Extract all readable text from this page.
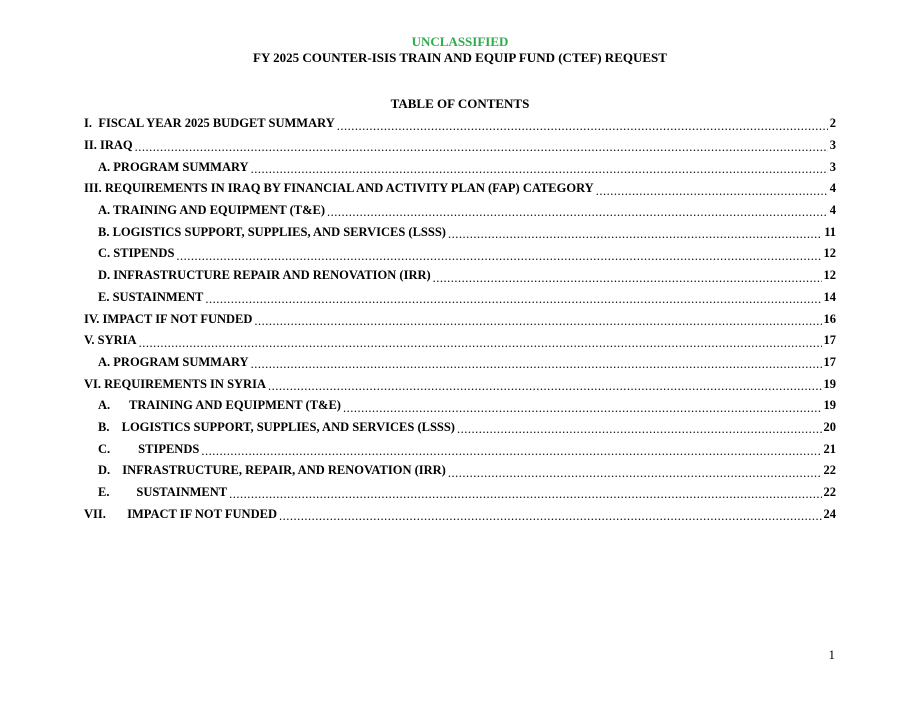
UNCLASSIFIED
FY 2025 COUNTER-ISIS TRAIN AND EQUIP FUND (CTEF) REQUEST
TABLE OF CONTENTS
I. FISCAL YEAR 2025 BUDGET SUMMARY .....	2
II. IRAQ .....	3
A. PROGRAM SUMMARY .....	3
III. REQUIREMENTS IN IRAQ BY FINANCIAL AND ACTIVITY PLAN (FAP) CATEGORY .....	4
A. TRAINING AND EQUIPMENT (T&E) .....	4
B. LOGISTICS SUPPORT, SUPPLIES, AND SERVICES (LSSS) .....	11
C. STIPENDS .....	12
D. INFRASTRUCTURE REPAIR AND RENOVATION (IRR) .....	12
E. SUSTAINMENT .....	14
IV. IMPACT IF NOT FUNDED .....	16
V. SYRIA .....	17
A. PROGRAM SUMMARY .....	17
VI. REQUIREMENTS IN SYRIA .....	19
A.	TRAINING AND EQUIPMENT (T&E) .....	19
B. LOGISTICS SUPPORT, SUPPLIES, AND SERVICES (LSSS) .....	20
C.	STIPENDS .....	21
D. INFRASTRUCTURE, REPAIR, AND RENOVATION (IRR) .....	22
E.	SUSTAINMENT .....	22
VII.	IMPACT IF NOT FUNDED .....	24
1
